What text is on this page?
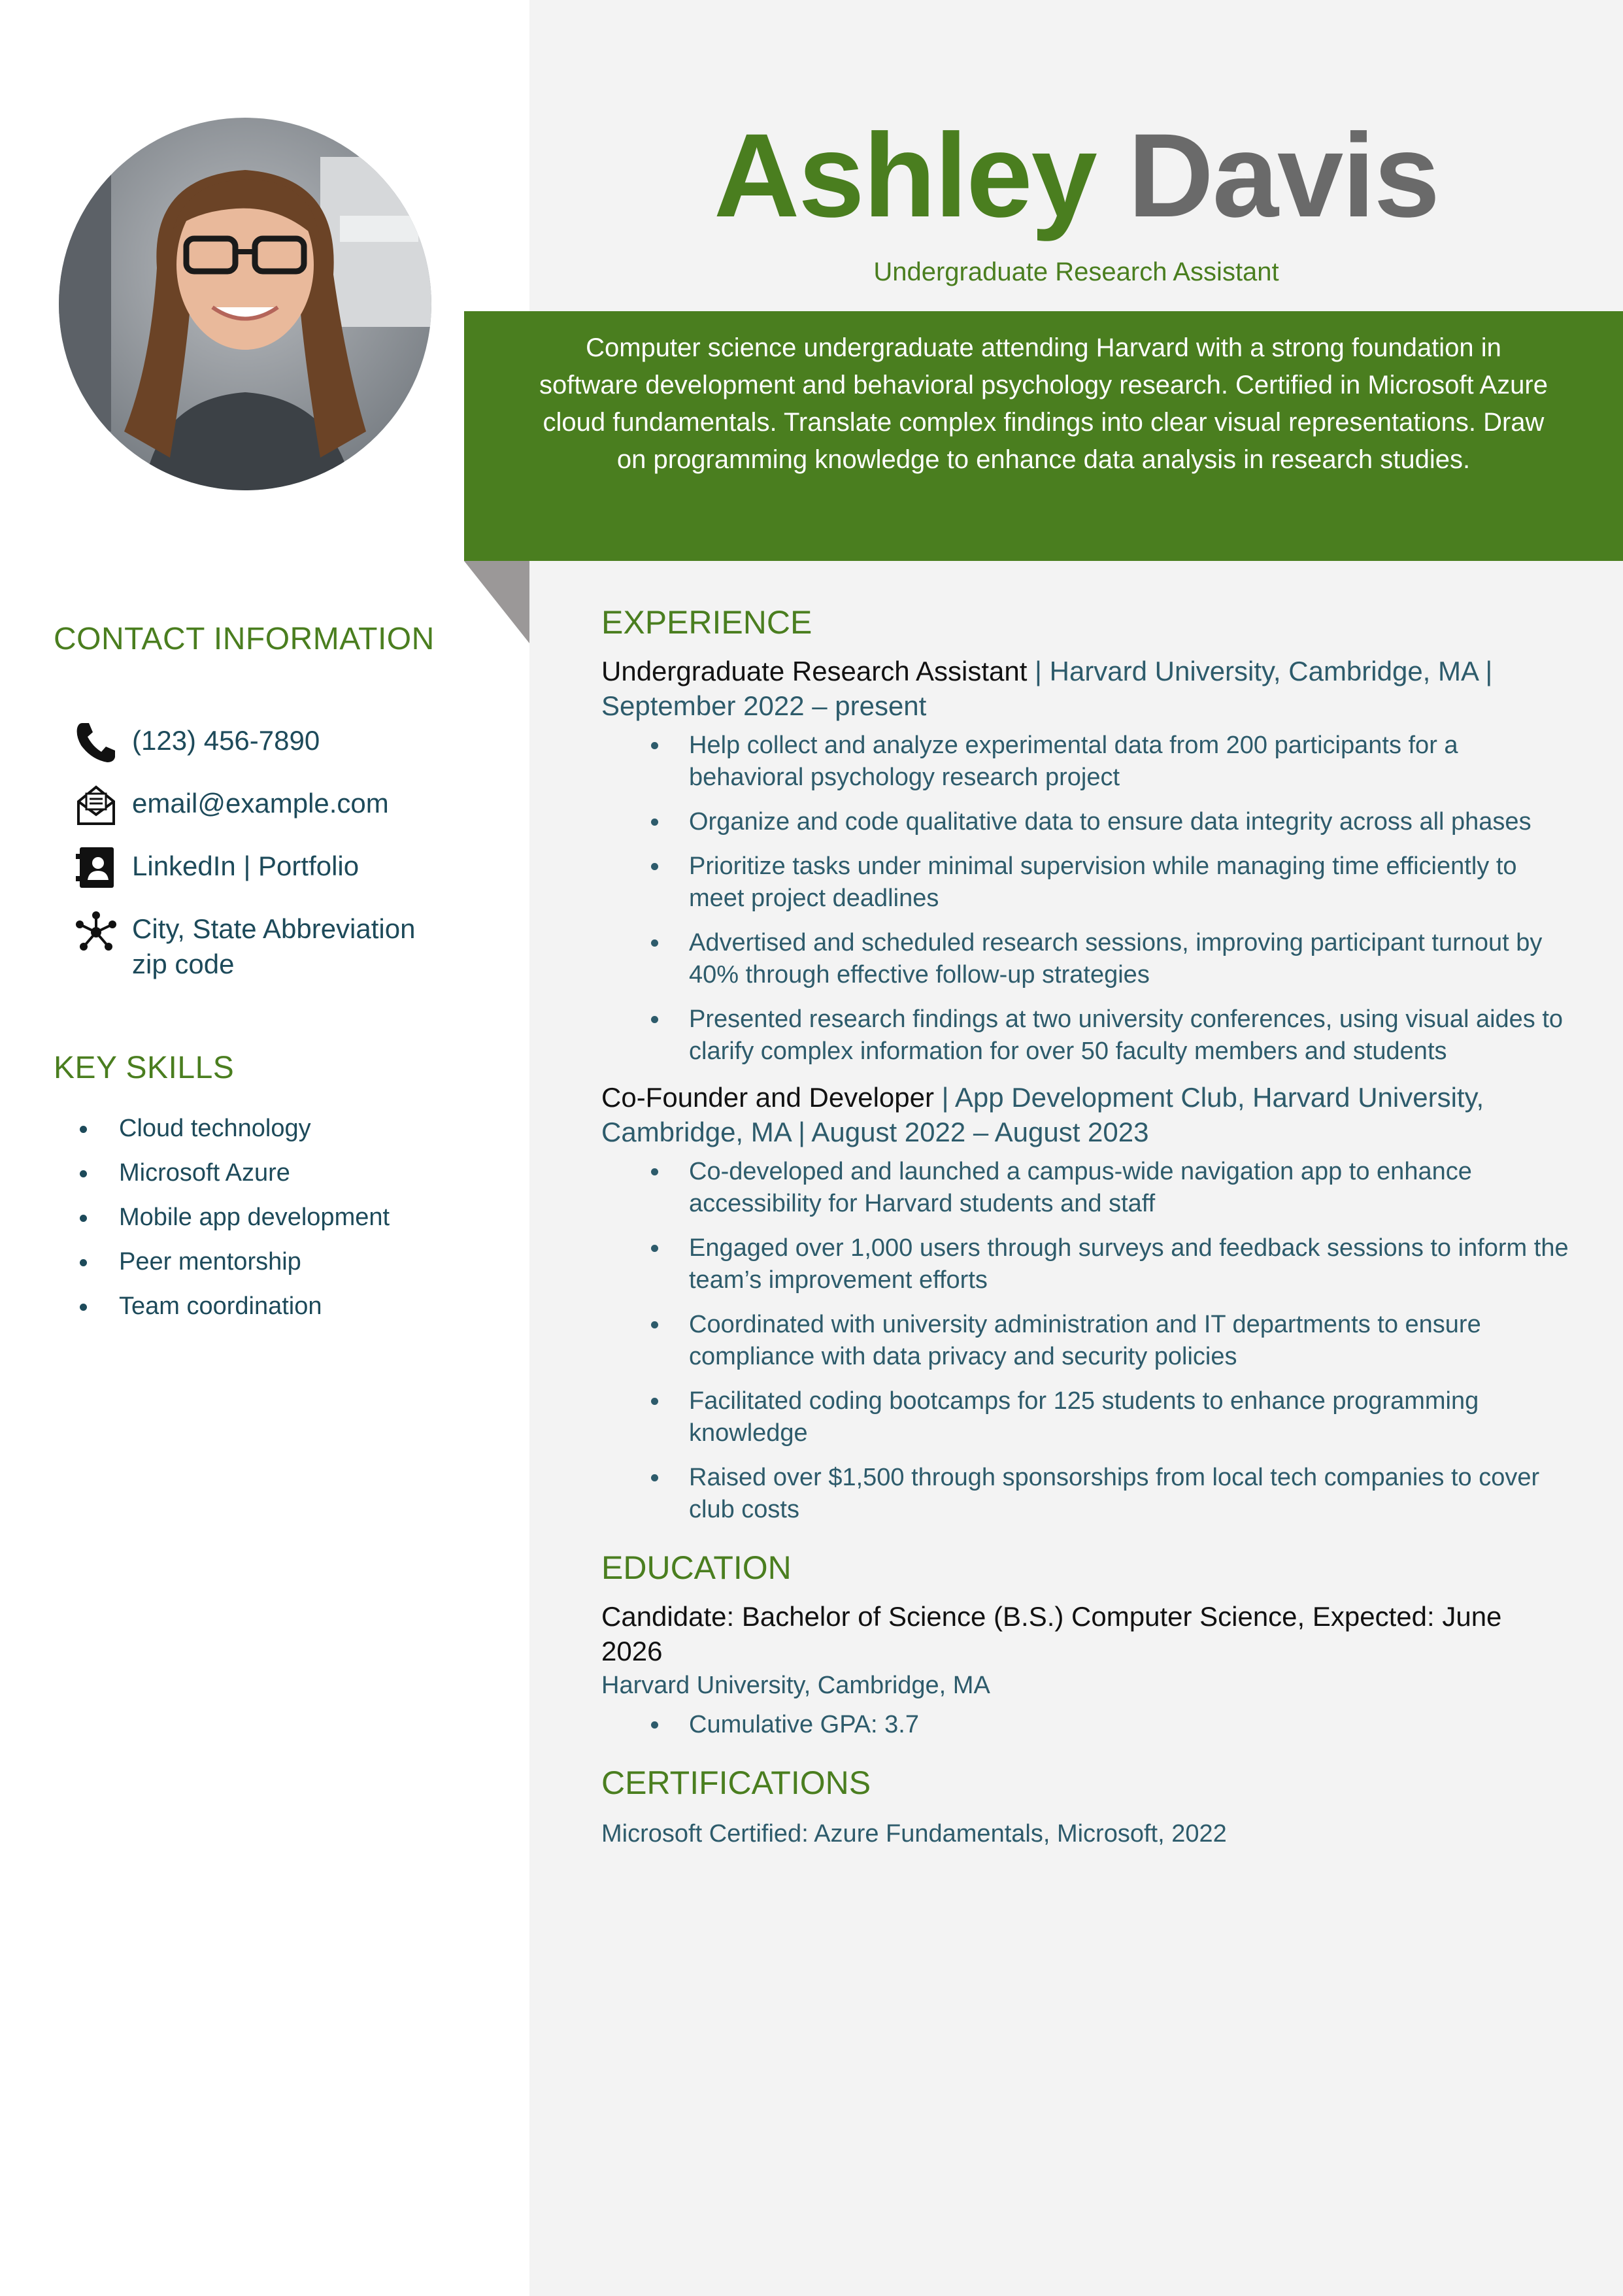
Ashley Davis
Undergraduate Research Assistant

Computer science undergraduate attending Harvard with a strong foundation in software development and behavioral psychology research. Certified in Microsoft Azure cloud fundamentals. Translate complex findings into clear visual representations. Draw on programming knowledge to enhance data analysis in research studies.

CONTACT INFORMATION
(123) 456-7890
email@example.com
LinkedIn | Portfolio
City, State Abbreviation
zip code
KEY SKILLS
Cloud technology
Microsoft Azure
Mobile app development
Peer mentorship
Team coordination
EXPERIENCE
Undergraduate Research Assistant | Harvard University, Cambridge, MA | September 2022 – present
Help collect and analyze experimental data from 200 participants for a behavioral psychology research project
Organize and code qualitative data to ensure data integrity across all phases
Prioritize tasks under minimal supervision while managing time efficiently to meet project deadlines
Advertised and scheduled research sessions, improving participant turnout by 40% through effective follow-up strategies
Presented research findings at two university conferences, using visual aides to clarify complex information for over 50 faculty members and students
Co-Founder and Developer | App Development Club, Harvard University, Cambridge, MA | August 2022 – August 2023
Co-developed and launched a campus-wide navigation app to enhance accessibility for Harvard students and staff
Engaged over 1,000 users through surveys and feedback sessions to inform the team’s improvement efforts
Coordinated with university administration and IT departments to ensure compliance with data privacy and security policies
Facilitated coding bootcamps for 125 students to enhance programming knowledge
Raised over $1,500 through sponsorships from local tech companies to cover club costs
EDUCATION
Candidate: Bachelor of Science (B.S.) Computer Science, Expected: June 2026
Harvard University, Cambridge, MA
Cumulative GPA: 3.7
CERTIFICATIONS
Microsoft Certified: Azure Fundamentals, Microsoft, 2022
